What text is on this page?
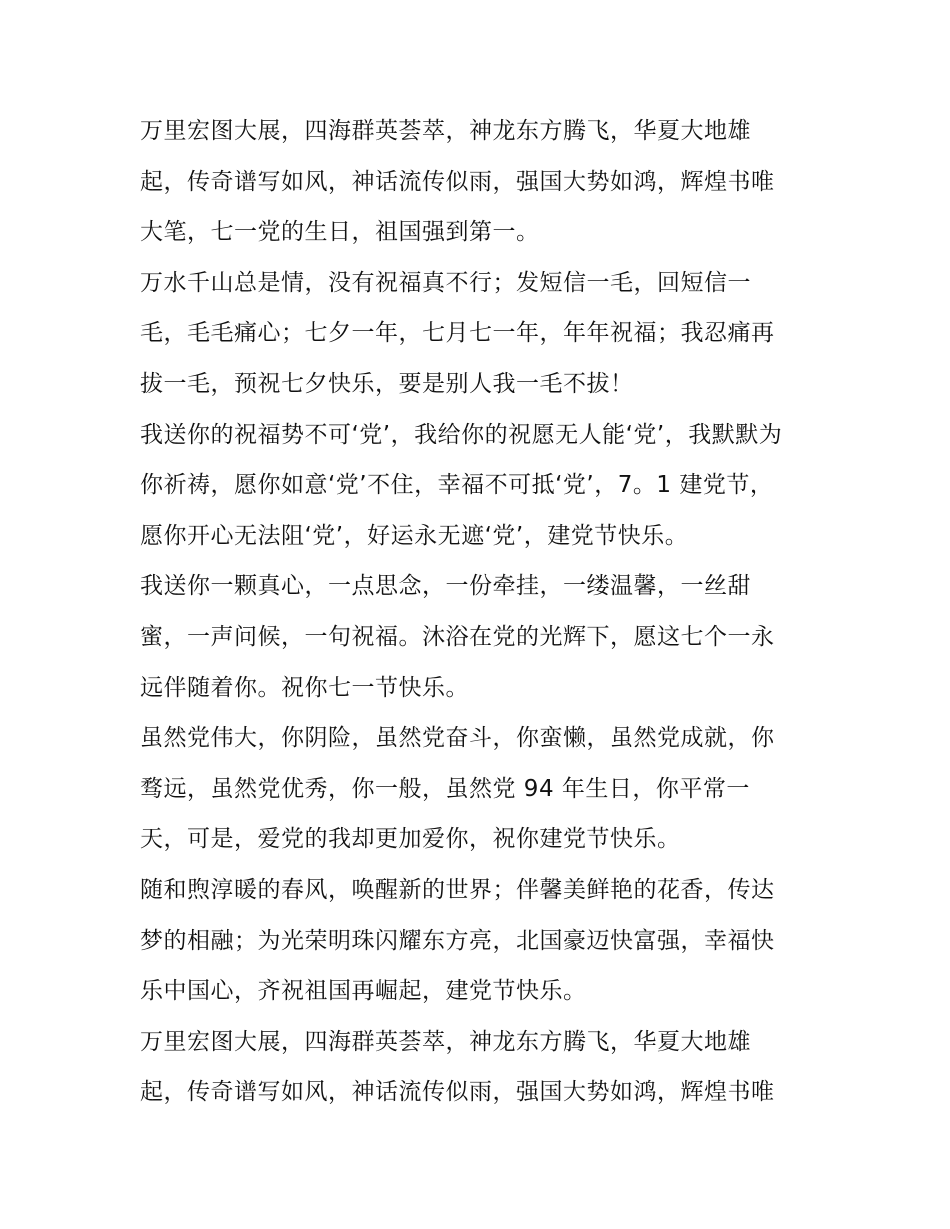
万里宏图大展，四海群英荟萃，神龙东方腾飞，华夏大地雄
起，传奇谱写如风，神话流传似雨，强国大势如鸿，辉煌书唯
大笔，七一党的生日，祖国强到第一。
万水千山总是情，没有祝福真不行；发短信一毛，回短信一
毛，毛毛痛心；七夕一年，七月七一年，年年祝福；我忍痛再
拔一毛，预祝七夕快乐，要是别人我一毛不拔！
我送你的祝福势不可‘党’，我给你的祝愿无人能‘党’，我默默为
你祈祷，愿你如意‘党’不住，幸福不可抵‘党’，7。1 建党节，
愿你开心无法阻‘党’，好运永无遮‘党’，建党节快乐。
我送你一颗真心，一点思念，一份牵挂，一缕温馨，一丝甜
蜜，一声问候，一句祝福。沐浴在党的光辉下，愿这七个一永
远伴随着你。祝你七一节快乐。
虽然党伟大，你阴险，虽然党奋斗，你蛮懒，虽然党成就，你
骛远，虽然党优秀，你一般，虽然党 94 年生日，你平常一
天，可是，爱党的我却更加爱你，祝你建党节快乐。
随和煦淳暖的春风，唤醒新的世界；伴馨美鲜艳的花香，传达
梦的相融；为光荣明珠闪耀东方亮，北国豪迈快富强，幸福快
乐中国心，齐祝祖国再崛起，建党节快乐。
万里宏图大展，四海群英荟萃，神龙东方腾飞，华夏大地雄
起，传奇谱写如风，神话流传似雨，强国大势如鸿，辉煌书唯
